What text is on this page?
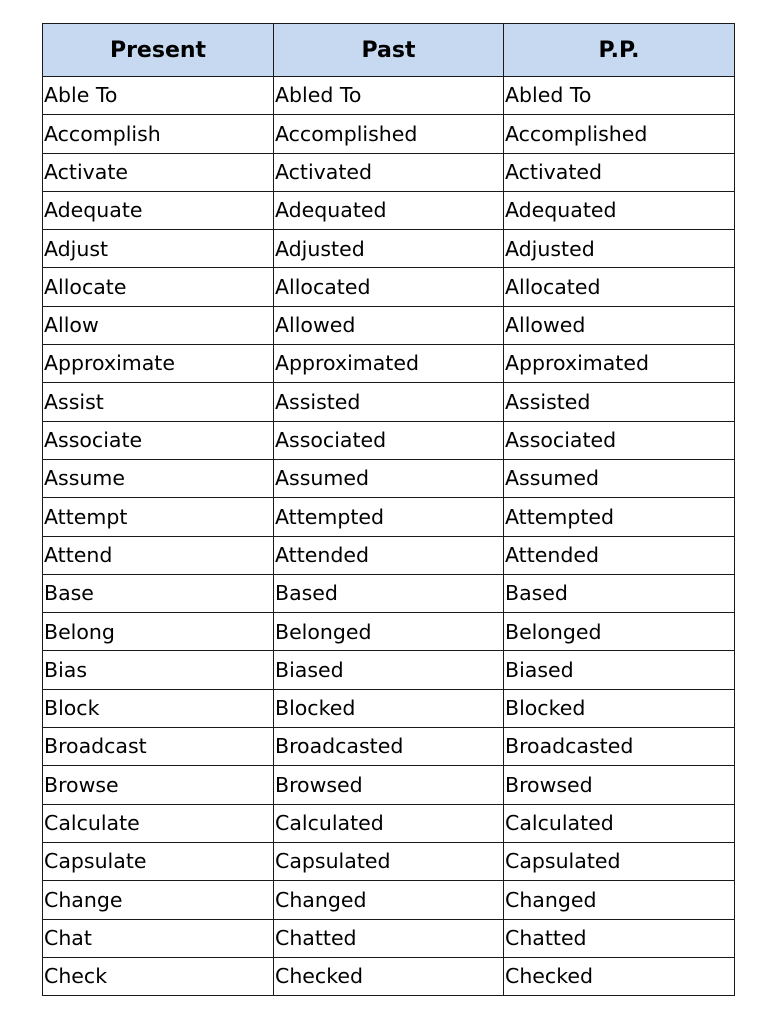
Present	Past	P.P.
Able To	Abled To	Abled To
Accomplish	Accomplished	Accomplished
Activate	Activated	Activated
Adequate	Adequated	Adequated
Adjust	Adjusted	Adjusted
Allocate	Allocated	Allocated
Allow	Allowed	Allowed
Approximate	Approximated	Approximated
Assist	Assisted	Assisted
Associate	Associated	Associated
Assume	Assumed	Assumed
Attempt	Attempted	Attempted
Attend	Attended	Attended
Base	Based	Based
Belong	Belonged	Belonged
Bias	Biased	Biased
Block	Blocked	Blocked
Broadcast	Broadcasted	Broadcasted
Browse	Browsed	Browsed
Calculate	Calculated	Calculated
Capsulate	Capsulated	Capsulated
Change	Changed	Changed
Chat	Chatted	Chatted
Check	Checked	Checked
